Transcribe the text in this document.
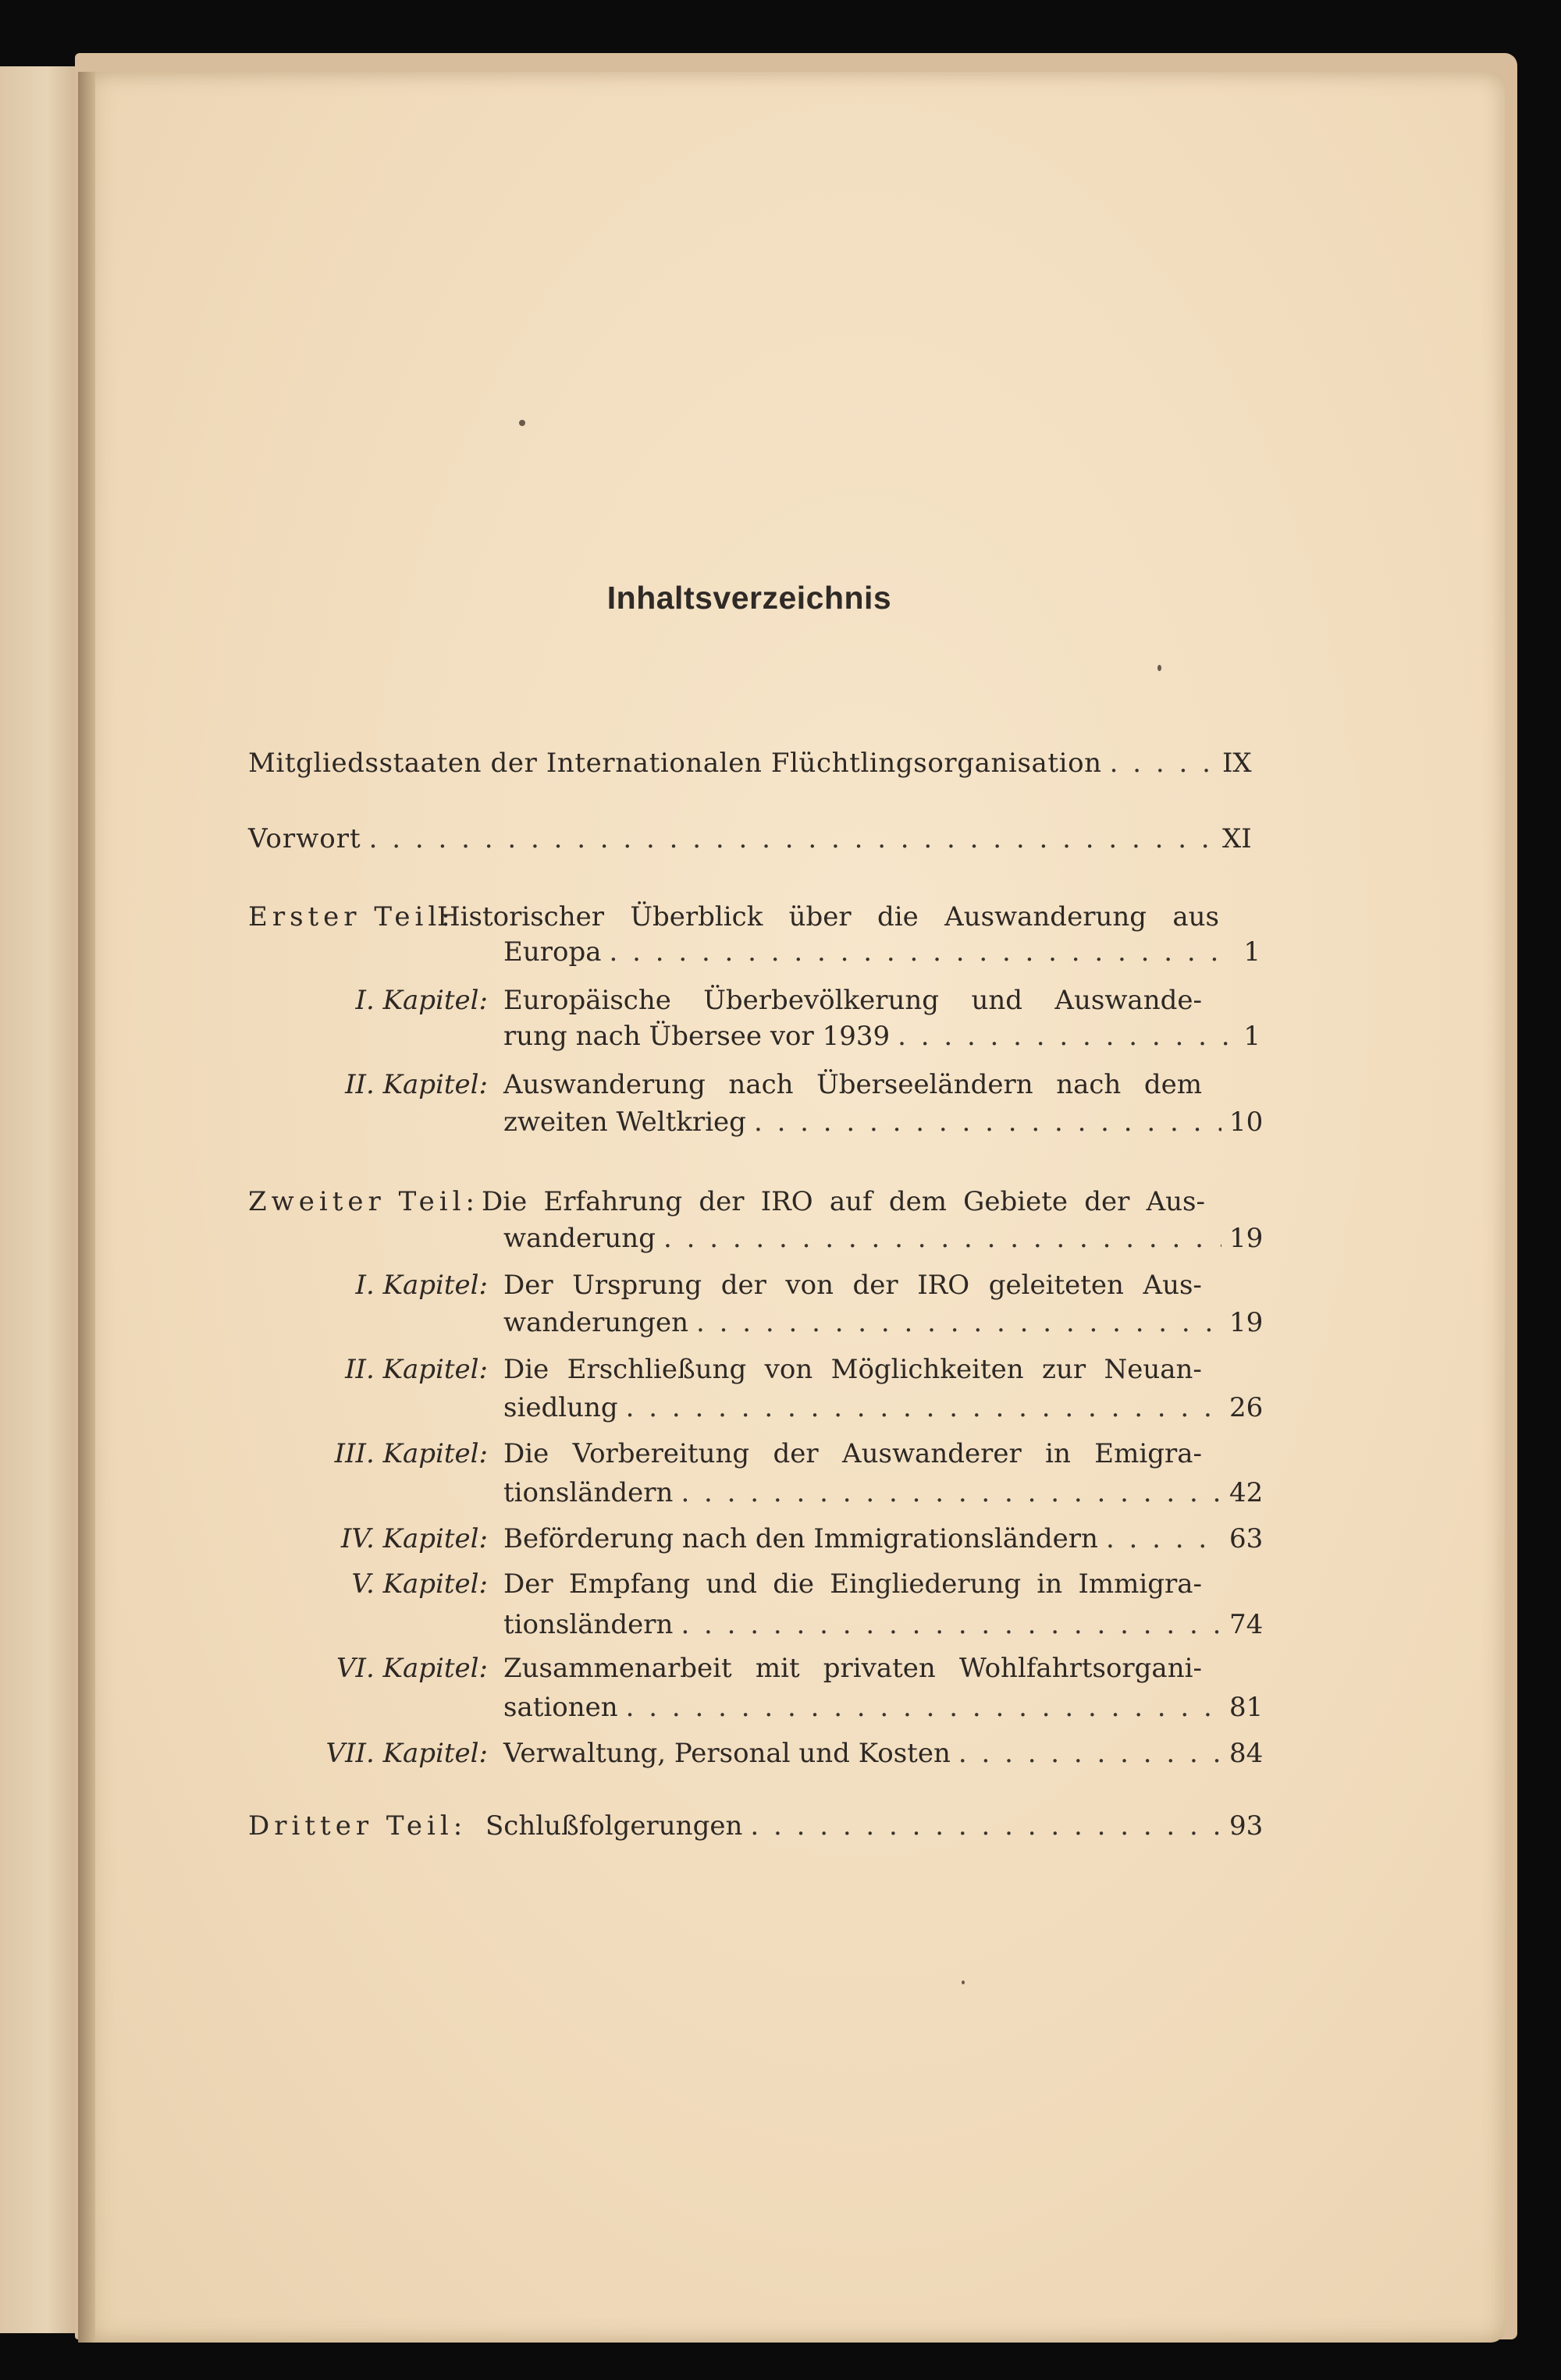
Inhaltsverzeichnis
Mitgliedsstaaten der Internationalen Flüchtlingsorganisation . . .	IX
Vorwort . . .	XI
Erster Teil:
Historischer Überblick über die Auswanderung aus
Europa . . .	1
I. Kapitel: Europäische Überbevölkerung und Auswande-
rung nach Übersee vor 1939 . . .	1
II. Kapitel: Auswanderung nach Überseeländern nach dem
zweiten Weltkrieg . . .	10
Zweiter Teil: Die Erfahrung der IRO auf dem Gebiete der Aus-
wanderung . . .	19
I. Kapitel: Der Ursprung der von der IRO geleiteten Aus-
wanderungen . . .	19
II. Kapitel: Die Erschließung von Möglichkeiten zur Neuan-
siedlung . . .	26
III. Kapitel: Die Vorbereitung der Auswanderer in Emigra-
tionsländern . . .	42
IV. Kapitel: Beförderung nach den Immigrationsländern . . .	63
V. Kapitel: Der Empfang und die Eingliederung in Immigra-
tionsländern . . .	74
VI. Kapitel: Zusammenarbeit mit privaten Wohlfahrtsorgani-
sationen . . .	81
VII. Kapitel: Verwaltung, Personal und Kosten . . .	84
Dritter Teil: Schlußfolgerungen . . .	93
